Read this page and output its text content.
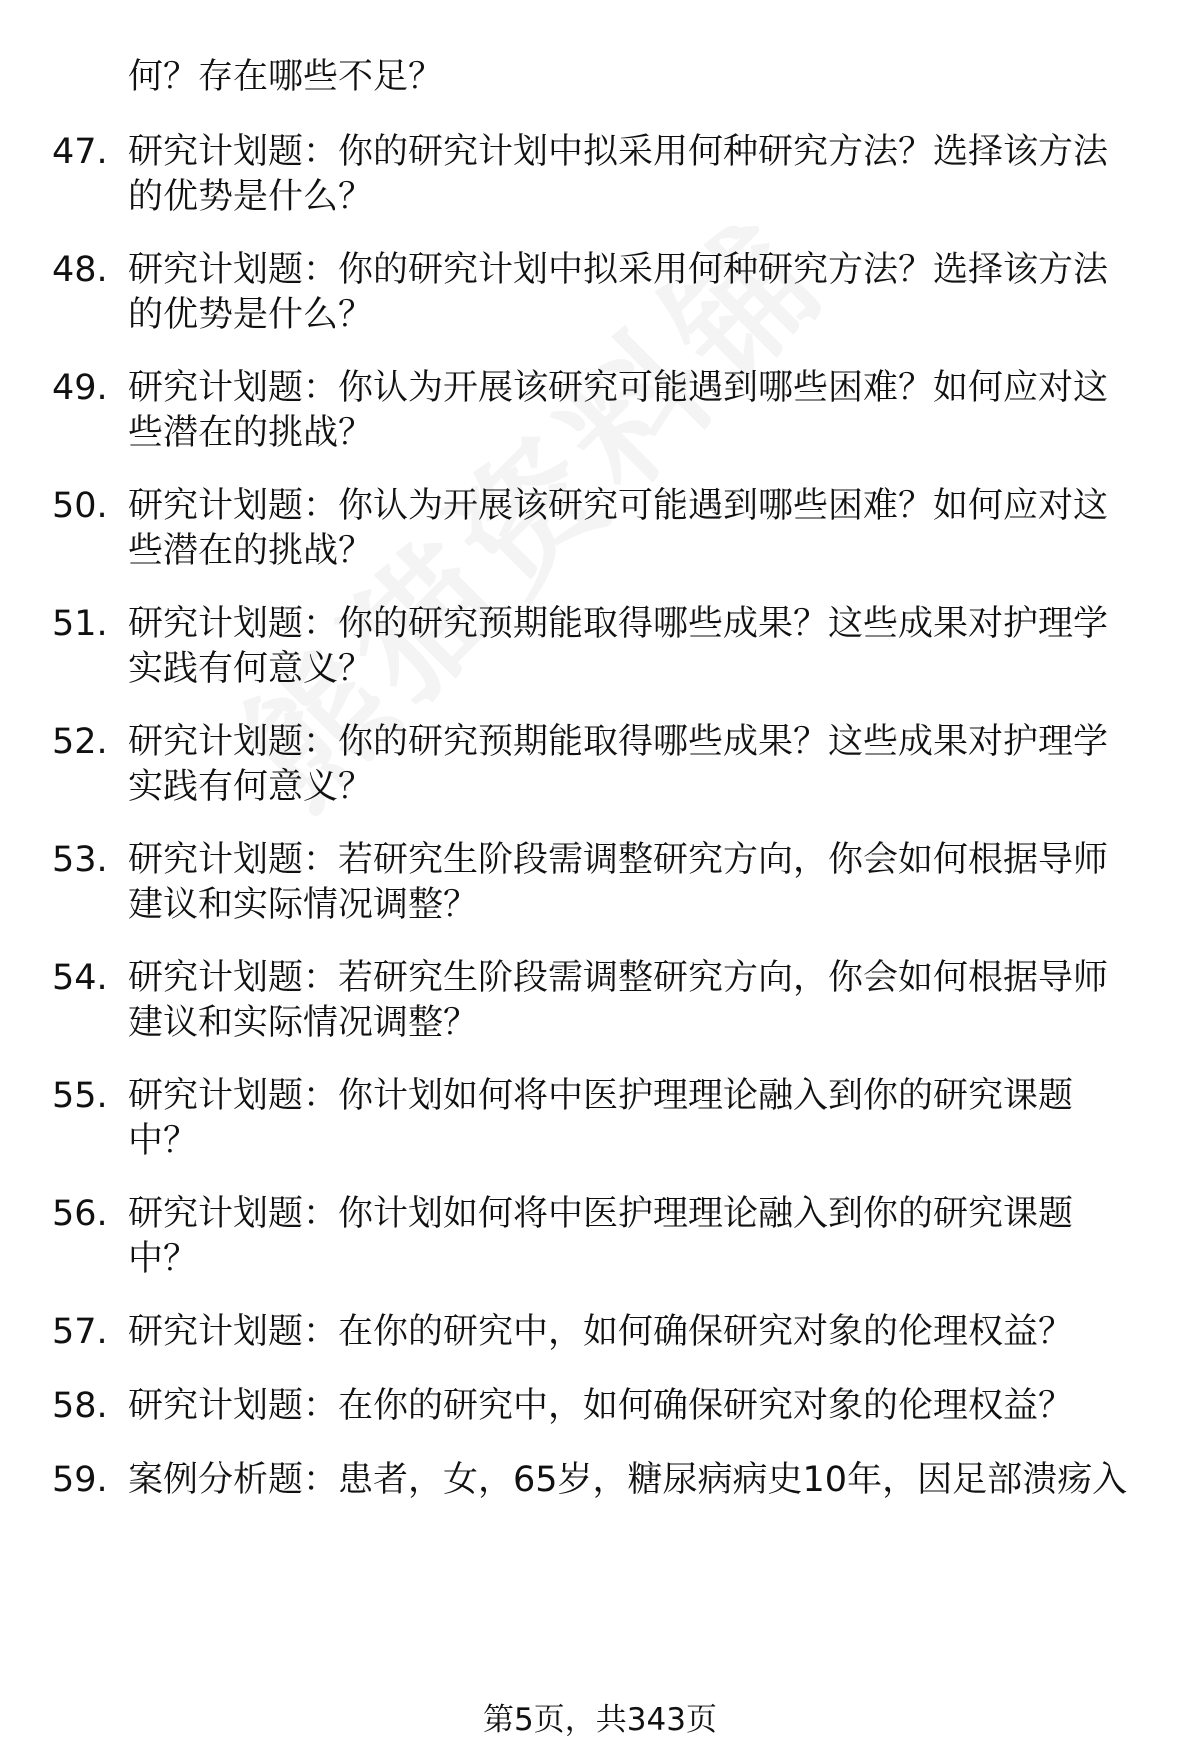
何？存在哪些不足？
47. 研究计划题：你的研究计划中拟采用何种研究方法？选择该方法
的优势是什么？
48. 研究计划题：你的研究计划中拟采用何种研究方法？选择该方法
的优势是什么？
49. 研究计划题：你认为开展该研究可能遇到哪些困难？如何应对这
些潜在的挑战？
50. 研究计划题：你认为开展该研究可能遇到哪些困难？如何应对这
些潜在的挑战？
51. 研究计划题：你的研究预期能取得哪些成果？这些成果对护理学
实践有何意义？
52. 研究计划题：你的研究预期能取得哪些成果？这些成果对护理学
实践有何意义？
53. 研究计划题：若研究生阶段需调整研究方向，你会如何根据导师
建议和实际情况调整？
54. 研究计划题：若研究生阶段需调整研究方向，你会如何根据导师
建议和实际情况调整？
55. 研究计划题：你计划如何将中医护理理论融入到你的研究课题
中？
56. 研究计划题：你计划如何将中医护理理论融入到你的研究课题
中？
57. 研究计划题：在你的研究中，如何确保研究对象的伦理权益？
58. 研究计划题：在你的研究中，如何确保研究对象的伦理权益？
59. 案例分析题：患者，女，65岁，糖尿病病史10年，因足部溃疡入
第5页，共343页
